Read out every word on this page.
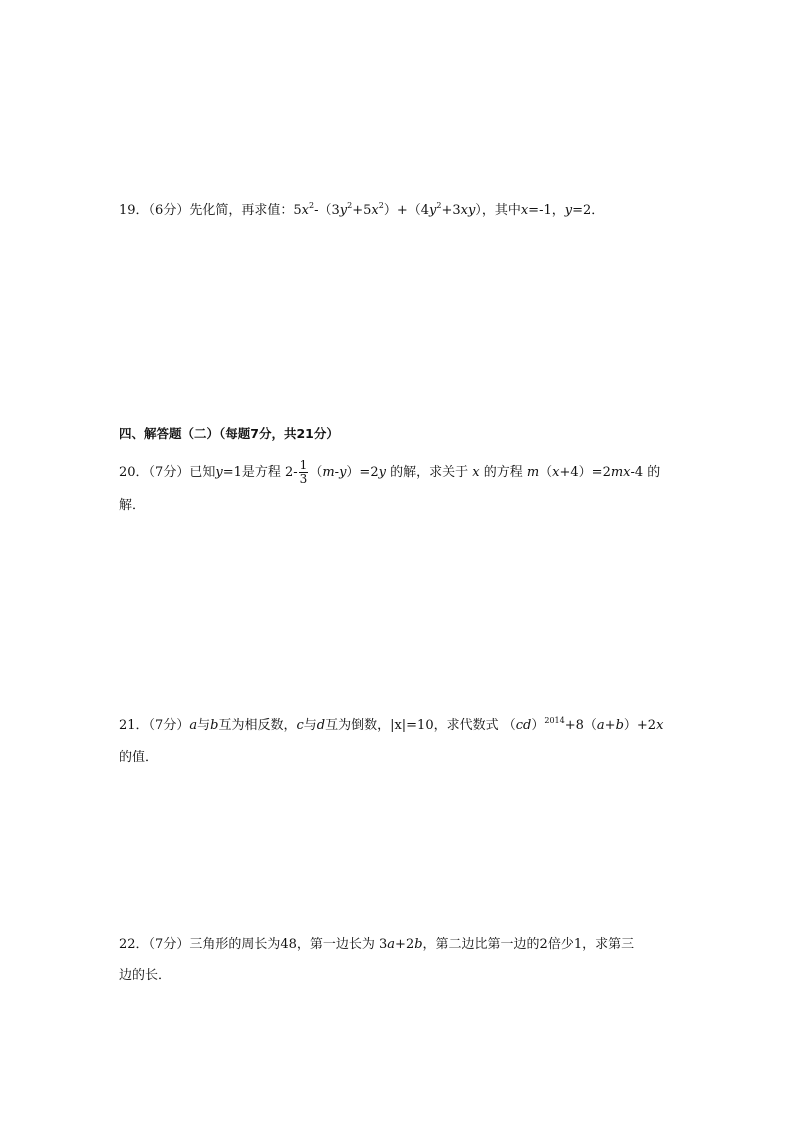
19．（6分）先化简，再求值：$5x^2-(3y^2+5x^2)+(4y^2+3xy)$，其中x=-1，y=2．
四、解答题（二）（每题7分，共21分）
20．（7分）已知y=1是方程 $2- \frac{1}{3} (m-y)=2y$ 的解，求关于 x 的方程 m（x+4）=2mx-4 的
解．
21．（7分）a与b互为相反数，c与d互为倒数，|x|=10，求代数式 （cd）$^{2014}$+8（a+b）+2x
的值．
22．（7分）三角形的周长为48，第一边长为 3a+2b，第二边比第一边的2倍少1，求第三
边的长．
